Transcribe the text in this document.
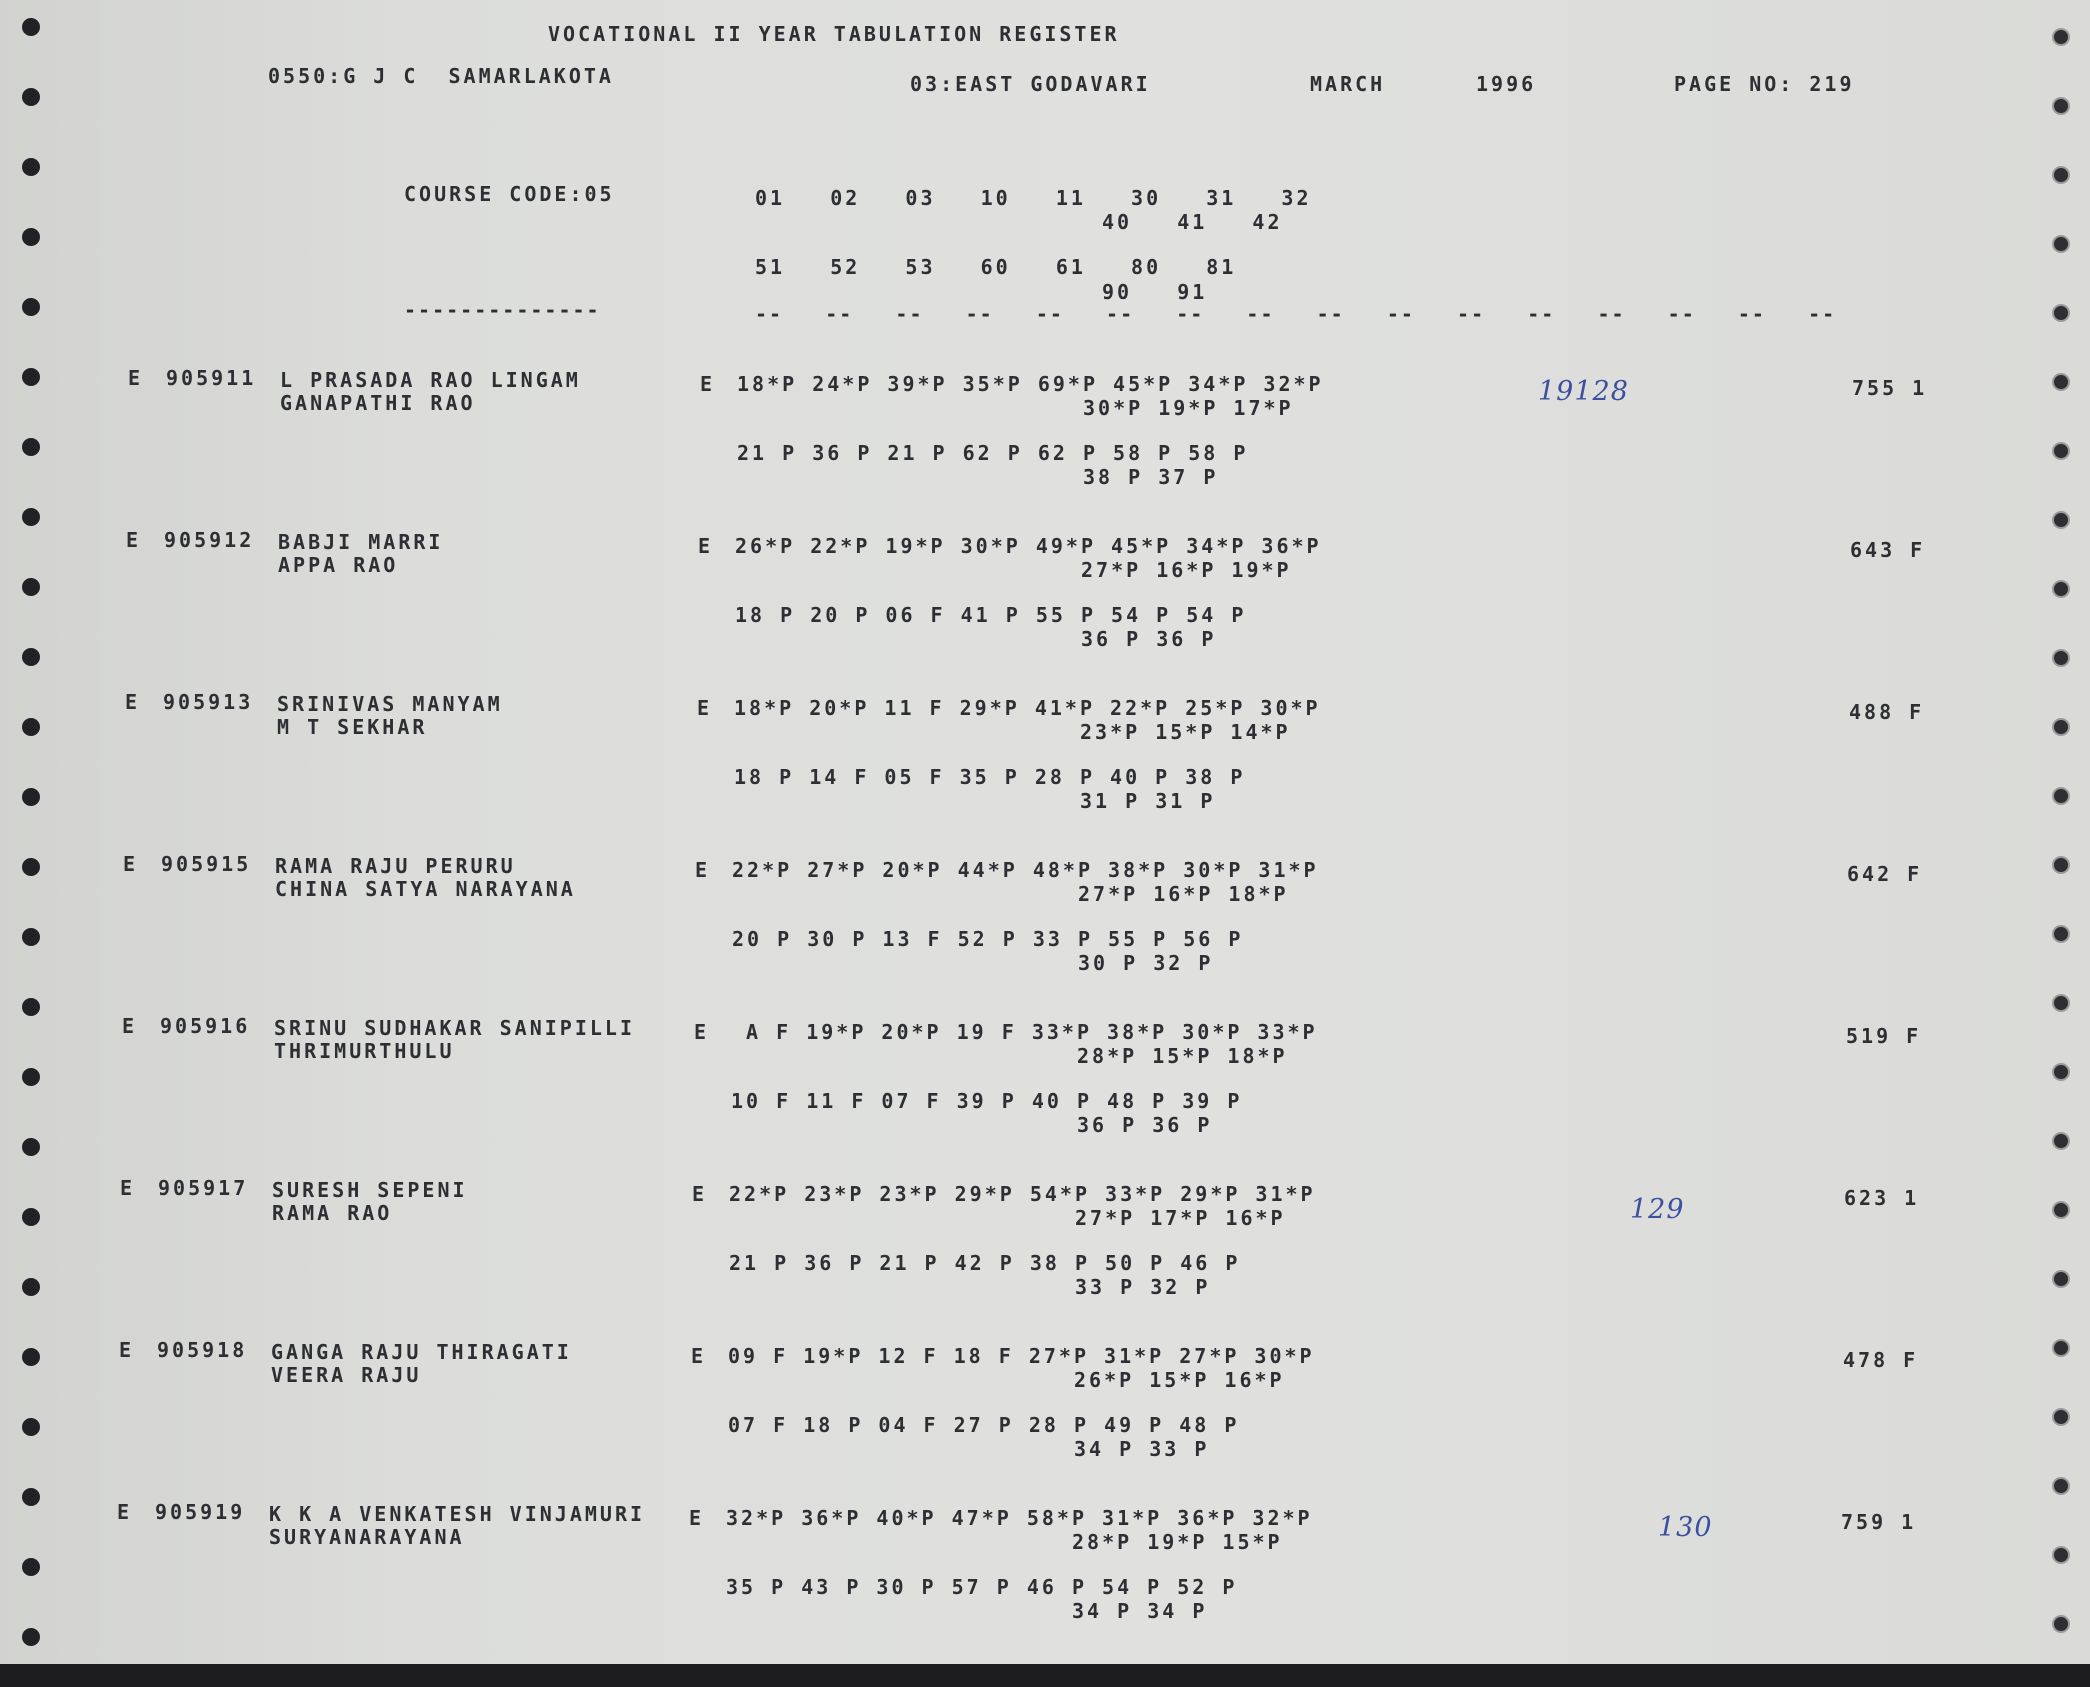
VOCATIONAL II YEAR TABULATION REGISTER
0550:G J C  SAMARLAKOTA	03:EAST GODAVARI	MARCH	1996	PAGE NO: 219
COURSE CODE:05	01   02   03   10   11   30   31   32
40   41   42
51   52   53   60   61   80   81
90   91
--------------	--   --   --   --   --   --   --   --   --   --   --   --   --   --   --   --
E 905911 L PRASADA RAO LINGAM
GANAPATHI RAO
E 18*P 24*P 39*P 35*P 69*P 45*P 34*P 32*P
30*P 19*P 17*P
21 P 36 P 21 P 62 P 62 P 58 P 58 P
38 P 37 P
755 1
19128
E 905912 BABJI MARRI
APPA RAO
E 26*P 22*P 19*P 30*P 49*P 45*P 34*P 36*P
27*P 16*P 19*P
18 P 20 P 06 F 41 P 55 P 54 P 54 P
36 P 36 P
643 F
E 905913 SRINIVAS MANYAM
M T SEKHAR
E 18*P 20*P 11 F 29*P 41*P 22*P 25*P 30*P
23*P 15*P 14*P
18 P 14 F 05 F 35 P 28 P 40 P 38 P
31 P 31 P
488 F
E 905915 RAMA RAJU PERURU
CHINA SATYA NARAYANA
E 22*P 27*P 20*P 44*P 48*P 38*P 30*P 31*P
27*P 16*P 18*P
20 P 30 P 13 F 52 P 33 P 55 P 56 P
30 P 32 P
642 F
E 905916 SRINU SUDHAKAR SANIPILLI
THRIMURTHULU
E A F 19*P 20*P 19 F 33*P 38*P 30*P 33*P
28*P 15*P 18*P
10 F 11 F 07 F 39 P 40 P 48 P 39 P
36 P 36 P
519 F
E 905917 SURESH SEPENI
RAMA RAO
E 22*P 23*P 23*P 29*P 54*P 33*P 29*P 31*P
27*P 17*P 16*P
21 P 36 P 21 P 42 P 38 P 50 P 46 P
33 P 32 P
623 1
129
E 905918 GANGA RAJU THIRAGATI
VEERA RAJU
E 09 F 19*P 12 F 18 F 27*P 31*P 27*P 30*P
26*P 15*P 16*P
07 F 18 P 04 F 27 P 28 P 49 P 48 P
34 P 33 P
478 F
E 905919 K K A VENKATESH VINJAMURI
SURYANARAYANA
E 32*P 36*P 40*P 47*P 58*P 31*P 36*P 32*P
28*P 19*P 15*P
35 P 43 P 30 P 57 P 46 P 54 P 52 P
34 P 34 P
759 1
130
